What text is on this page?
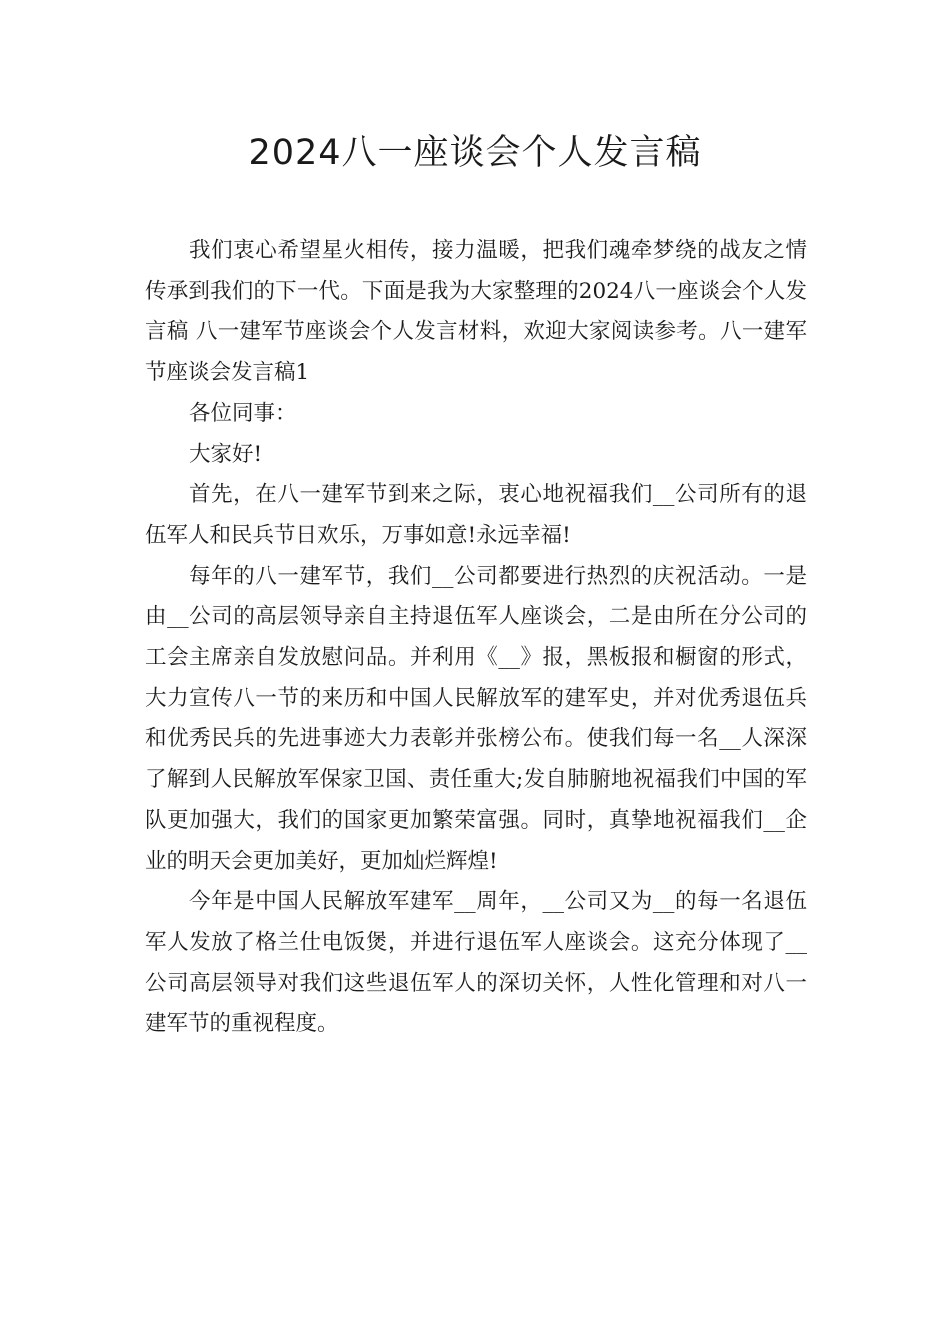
2024八一座谈会个人发言稿

我们衷心希望星火相传，接力温暖，把我们魂牵梦绕的战友之情传承到我们的下一代。下面是我为大家整理的2024八一座谈会个人发言稿 八一建军节座谈会个人发言材料，欢迎大家阅读参考。八一建军节座谈会发言稿1

各位同事：

大家好!

首先，在八一建军节到来之际，衷心地祝福我们__公司所有的退伍军人和民兵节日欢乐，万事如意!永远幸福!

每年的八一建军节，我们__公司都要进行热烈的庆祝活动。一是由__公司的高层领导亲自主持退伍军人座谈会，二是由所在分公司的工会主席亲自发放慰问品。并利用《__》报，黑板报和橱窗的形式，大力宣传八一节的来历和中国人民解放军的建军史，并对优秀退伍兵和优秀民兵的先进事迹大力表彰并张榜公布。使我们每一名__人深深了解到人民解放军保家卫国、责任重大;发自肺腑地祝福我们中国的军队更加强大，我们的国家更加繁荣富强。同时，真挚地祝福我们__企业的明天会更加美好，更加灿烂辉煌!

今年是中国人民解放军建军__周年，__公司又为__的每一名退伍军人发放了格兰仕电饭煲，并进行退伍军人座谈会。这充分体现了__公司高层领导对我们这些退伍军人的深切关怀，人性化管理和对八一建军节的重视程度。
